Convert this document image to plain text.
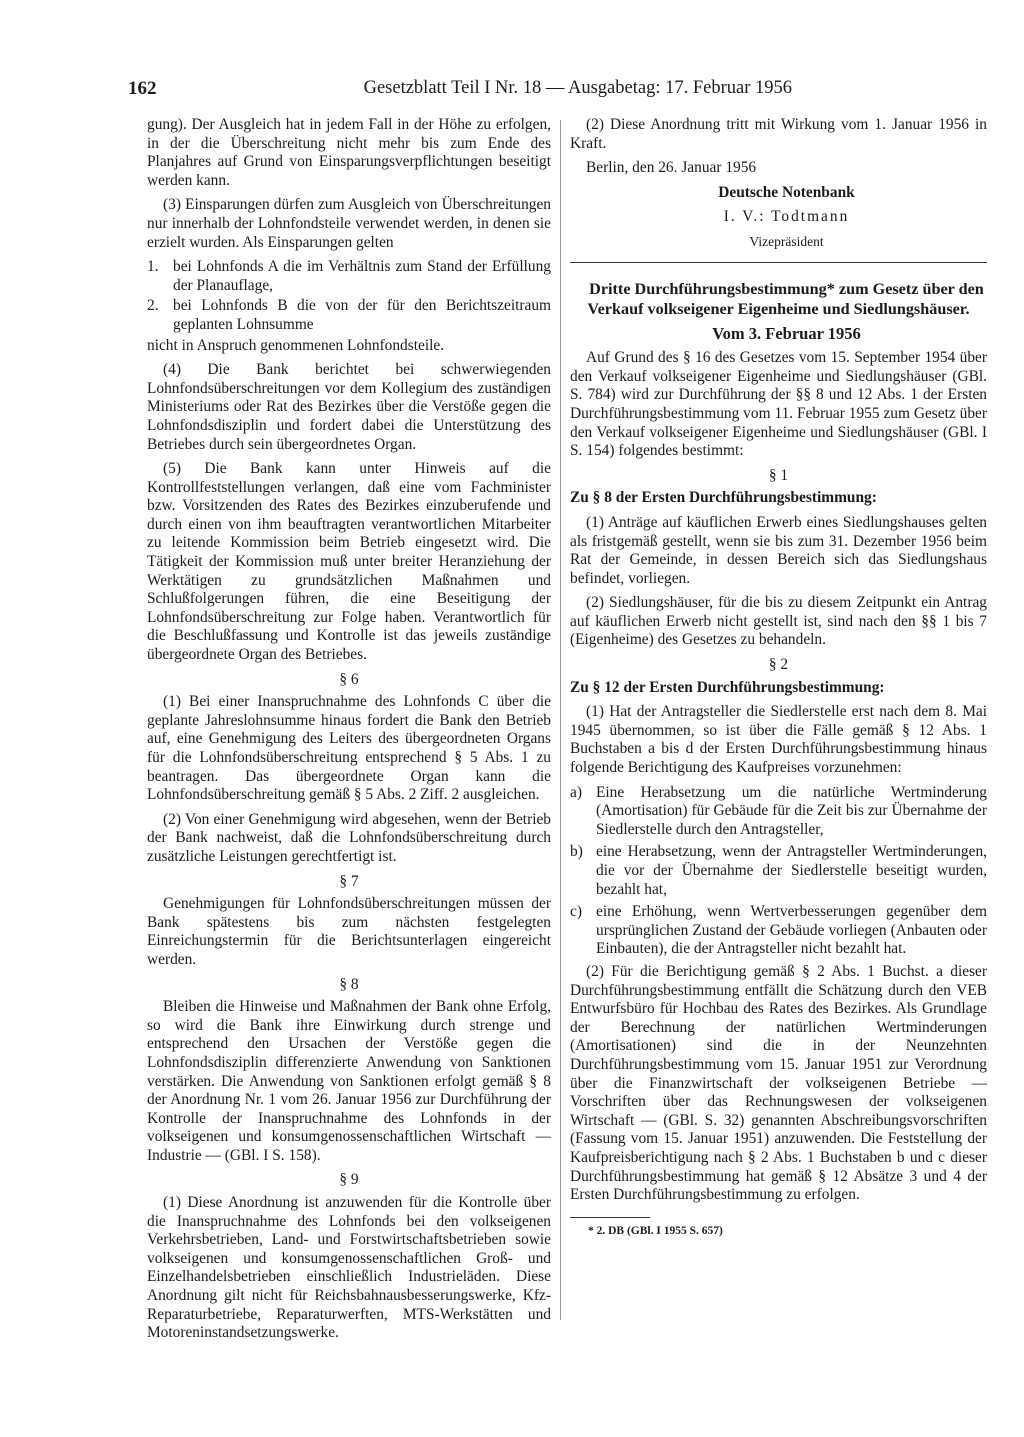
162	Gesetzblatt Teil I Nr. 18 — Ausgabetag: 17. Februar 1956

gung). Der Ausgleich hat in jedem Fall in der Höhe zu erfolgen, in der die Überschreitung nicht mehr bis zum Ende des Planjahres auf Grund von Einsparungsverpflichtungen beseitigt werden kann.

(3) Einsparungen dürfen zum Ausgleich von Überschreitungen nur innerhalb der Lohnfondsteile verwendet werden, in denen sie erzielt wurden. Als Einsparungen gelten

1. bei Lohnfonds A die im Verhältnis zum Stand der Erfüllung der Planauflage,
2. bei Lohnfonds B die von der für den Berichtszeitraum geplanten Lohnsumme

nicht in Anspruch genommenen Lohnfondsteile.

(4) Die Bank berichtet bei schwerwiegenden Lohnfondsüberschreitungen vor dem Kollegium des zuständigen Ministeriums oder Rat des Bezirkes über die Verstöße gegen die Lohnfondsdisziplin und fordert dabei die Unterstützung des Betriebes durch sein übergeordnetes Organ.

(5) Die Bank kann unter Hinweis auf die Kontrollfeststellungen verlangen, daß eine vom Fachminister bzw. Vorsitzenden des Rates des Bezirkes einzuberufende und durch einen von ihm beauftragten verantwortlichen Mitarbeiter zu leitende Kommission beim Betrieb eingesetzt wird. Die Tätigkeit der Kommission muß unter breiter Heranziehung der Werktätigen zu grundsätzlichen Maßnahmen und Schlußfolgerungen führen, die eine Beseitigung der Lohnfondsüberschreitung zur Folge haben. Verantwortlich für die Beschlußfassung und Kontrolle ist das jeweils zuständige übergeordnete Organ des Betriebes.

§ 6

(1) Bei einer Inanspruchnahme des Lohnfonds C über die geplante Jahreslohnsumme hinaus fordert die Bank den Betrieb auf, eine Genehmigung des Leiters des übergeordneten Organs für die Lohnfondsüberschreitung entsprechend § 5 Abs. 1 zu beantragen. Das übergeordnete Organ kann die Lohnfondsüberschreitung gemäß § 5 Abs. 2 Ziff. 2 ausgleichen.

(2) Von einer Genehmigung wird abgesehen, wenn der Betrieb der Bank nachweist, daß die Lohnfondsüberschreitung durch zusätzliche Leistungen gerechtfertigt ist.

§ 7

Genehmigungen für Lohnfondsüberschreitungen müssen der Bank spätestens bis zum nächsten festgelegten Einreichungstermin für die Berichtsunterlagen eingereicht werden.

§ 8

Bleiben die Hinweise und Maßnahmen der Bank ohne Erfolg, so wird die Bank ihre Einwirkung durch strenge und entsprechend den Ursachen der Verstöße gegen die Lohnfondsdisziplin differenzierte Anwendung von Sanktionen verstärken. Die Anwendung von Sanktionen erfolgt gemäß § 8 der Anordnung Nr. 1 vom 26. Januar 1956 zur Durchführung der Kontrolle der Inanspruchnahme des Lohnfonds in der volkseigenen und konsumgenossenschaftlichen Wirtschaft — Industrie — (GBl. I S. 158).

§ 9

(1) Diese Anordnung ist anzuwenden für die Kontrolle über die Inanspruchnahme des Lohnfonds bei den volkseigenen Verkehrsbetrieben, Land- und Forstwirtschaftsbetrieben sowie volkseigenen und konsumgenossenschaftlichen Groß- und Einzelhandelsbetrieben einschließlich Industrieläden. Diese Anordnung gilt nicht für Reichsbahnausbesserungswerke, Kfz-Reparaturbetriebe, Reparaturwerften, MTS-Werkstätten und Motoreninstandsetzungswerke.

(2) Diese Anordnung tritt mit Wirkung vom 1. Januar 1956 in Kraft.

Berlin, den 26. Januar 1956

Deutsche Notenbank

I. V.: Todtmann

Vizepräsident

Dritte Durchführungsbestimmung* zum Gesetz über den Verkauf volkseigener Eigenheime und Siedlungshäuser.

Vom 3. Februar 1956

Auf Grund des § 16 des Gesetzes vom 15. September 1954 über den Verkauf volkseigener Eigenheime und Siedlungshäuser (GBl. S. 784) wird zur Durchführung der §§ 8 und 12 Abs. 1 der Ersten Durchführungsbestimmung vom 11. Februar 1955 zum Gesetz über den Verkauf volkseigener Eigenheime und Siedlungshäuser (GBl. I S. 154) folgendes bestimmt:

§ 1

Zu § 8 der Ersten Durchführungsbestimmung:

(1) Anträge auf käuflichen Erwerb eines Siedlungshauses gelten als fristgemäß gestellt, wenn sie bis zum 31. Dezember 1956 beim Rat der Gemeinde, in dessen Bereich sich das Siedlungshaus befindet, vorliegen.

(2) Siedlungshäuser, für die bis zu diesem Zeitpunkt ein Antrag auf käuflichen Erwerb nicht gestellt ist, sind nach den §§ 1 bis 7 (Eigenheime) des Gesetzes zu behandeln.

§ 2

Zu § 12 der Ersten Durchführungsbestimmung:

(1) Hat der Antragsteller die Siedlerstelle erst nach dem 8. Mai 1945 übernommen, so ist über die Fälle gemäß § 12 Abs. 1 Buchstaben a bis d der Ersten Durchführungsbestimmung hinaus folgende Berichtigung des Kaufpreises vorzunehmen:

a) Eine Herabsetzung um die natürliche Wertminderung (Amortisation) für Gebäude für die Zeit bis zur Übernahme der Siedlerstelle durch den Antragsteller,
b) eine Herabsetzung, wenn der Antragsteller Wertminderungen, die vor der Übernahme der Siedlerstelle beseitigt wurden, bezahlt hat,
c) eine Erhöhung, wenn Wertverbesserungen gegenüber dem ursprünglichen Zustand der Gebäude vorliegen (Anbauten oder Einbauten), die der Antragsteller nicht bezahlt hat.

(2) Für die Berichtigung gemäß § 2 Abs. 1 Buchst. a dieser Durchführungsbestimmung entfällt die Schätzung durch den VEB Entwurfsbüro für Hochbau des Rates des Bezirkes. Als Grundlage der Berechnung der natürlichen Wertminderungen (Amortisationen) sind die in der Neunzehnten Durchführungsbestimmung vom 15. Januar 1951 zur Verordnung über die Finanzwirtschaft der volkseigenen Betriebe — Vorschriften über das Rechnungswesen der volkseigenen Wirtschaft — (GBl. S. 32) genannten Abschreibungsvorschriften (Fassung vom 15. Januar 1951) anzuwenden. Die Feststellung der Kaufpreisberichtigung nach § 2 Abs. 1 Buchstaben b und c dieser Durchführungsbestimmung hat gemäß § 12 Absätze 3 und 4 der Ersten Durchführungsbestimmung zu erfolgen.

* 2. DB (GBl. I 1955 S. 657)
